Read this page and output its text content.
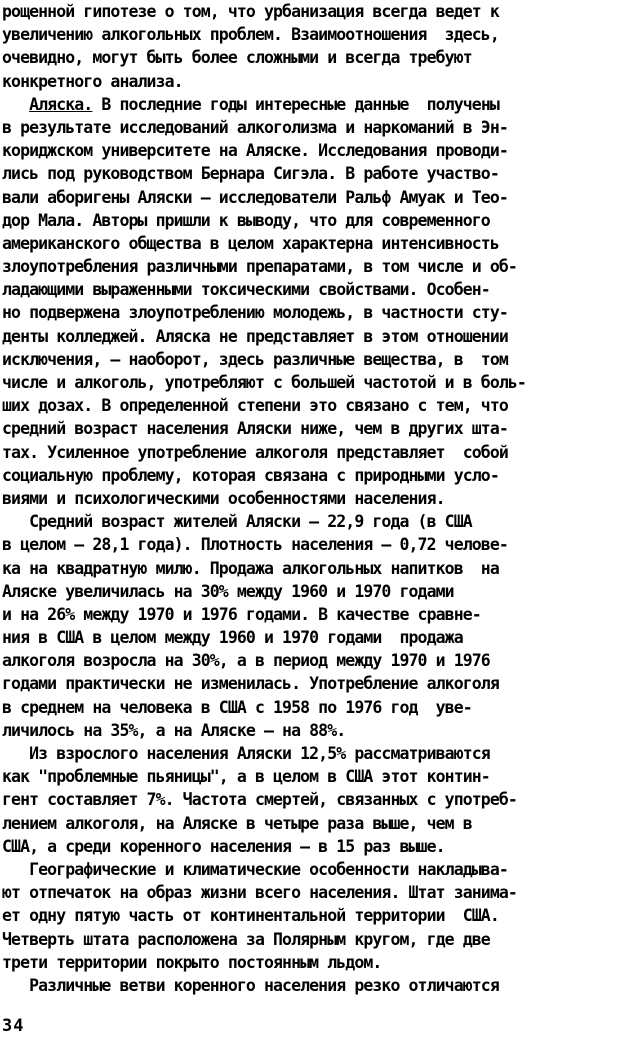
рощенной гипотезе о том, что урбанизация всегда ведет к
увеличению алкогольных проблем. Взаимоотношения  здесь,
очевидно, могут быть более сложными и всегда требуют
конкретного анализа.
Аляска. В последние годы интересные данные  получены
в результате исследований алкоголизма и наркоманий в Эн-
кориджском университете на Аляске. Исследования проводи-
лись под руководством Бернара Сигэла. В работе участво-
вали аборигены Аляски – исследователи Ральф Амуак и Тео-
дор Мала. Авторы пришли к выводу, что для современного
американского общества в целом характерна интенсивность
злоупотребления различными препаратами, в том числе и об-
ладающими выраженными токсическими свойствами. Особен-
но подвержена злоупотреблению молодежь, в частности сту-
денты колледжей. Аляска не представляет в этом отношении
исключения, – наоборот, здесь различные вещества, в  том
числе и алкоголь, употребляют с большей частотой и в боль-
ших дозах. В определенной степени это связано с тем, что
средний возраст населения Аляски ниже, чем в других шта-
тах. Усиленное употребление алкоголя представляет  собой
социальную проблему, которая связана с природными усло-
виями и психологическими особенностями населения.
Средний возраст жителей Аляски – 22,9 года (в США
в целом – 28,1 года). Плотность населения – 0,72 челове-
ка на квадратную милю. Продажа алкогольных напитков  на
Аляске увеличилась на 30% между 1960 и 1970 годами
и на 26% между 1970 и 1976 годами. В качестве сравне-
ния в США в целом между 1960 и 1970 годами  продажа
алкоголя возросла на 30%, а в период между 1970 и 1976
годами практически не изменилась. Употребление алкоголя
в среднем на человека в США с 1958 по 1976 год  уве-
личилось на 35%, а на Аляске – на 88%.
Из взрослого населения Аляски 12,5% рассматриваются
как "проблемные пьяницы", а в целом в США этот контин-
гент составляет 7%. Частота смертей, связанных с употреб-
лением алкоголя, на Аляске в четыре раза выше, чем в
США, а среди коренного населения – в 15 раз выше.
Географические и климатические особенности накладыва-
ют отпечаток на образ жизни всего населения. Штат занима-
ет одну пятую часть от континентальной территории  США.
Четверть штата расположена за Полярным кругом, где две
трети территории покрыто постоянным льдом.
Различные ветви коренного населения резко отличаются
34
